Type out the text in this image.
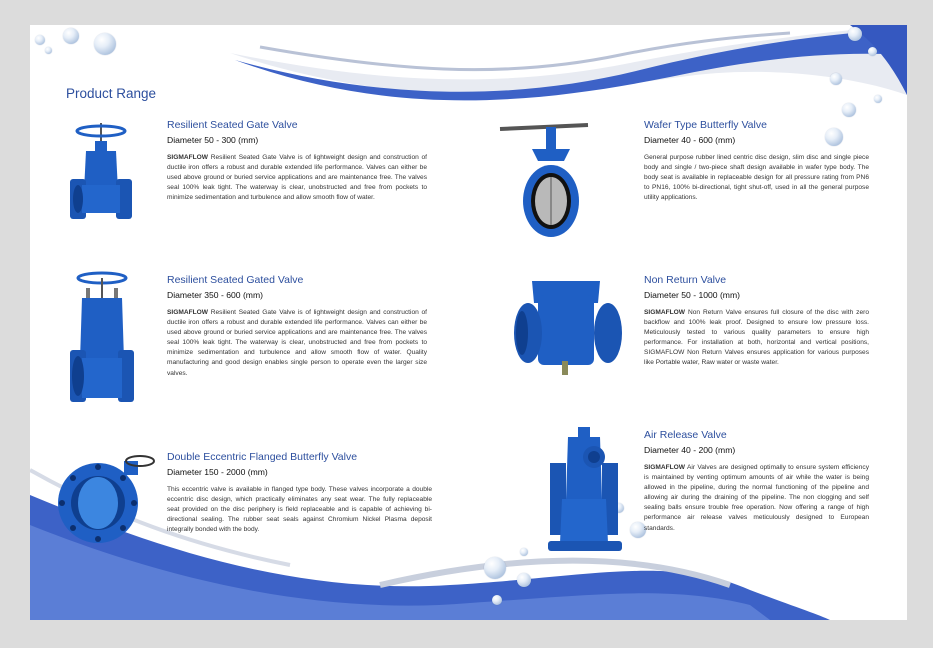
Product Range
Resilient Seated Gate Valve

Diameter 50 - 300 (mm)

SIGMAFLOW Resilient Seated Gate Valve is of lightweight design and construction of ductile iron offers a robust and durable extended life performance. Valves can either be used above ground or buried service applications and are maintenance free. The valves seal 100% leak tight. The waterway is clear, unobstructed and free from pockets to minimize sedimentation and turbulence and allow smooth flow of water.

Resilient Seated Gated Valve

Diameter 350 - 600 (mm)

SIGMAFLOW Resilient Seated Gate Valve is of lightweight design and construction of ductile iron offers a robust and durable extended life performance. Valves can either be used above ground or buried service applications and are maintenance free. The valves seal 100% leak tight. The waterway is clear, unobstructed and free from pockets to minimize sedimentation and turbulence and allow smooth flow of water. Quality manufacturing and good design enables single person to operate even the larger size valves.

Double Eccentric Flanged Butterfly Valve

Diameter 150 - 2000 (mm)

This eccentric valve is available in flanged type body. These valves incorporate a double eccentric disc design, which practically eliminates any seat wear. The fully replaceable seat provided on the disc periphery is field replaceable and is capable of achieving bi-directional sealing. The rubber seat seals against Chromium Nickel Plasma deposit integrally bonded with the body.

Wafer Type Butterfly Valve

Diameter 40 - 600 (mm)

General purpose rubber lined centric disc design, slim disc and single piece body and single / two-piece shaft design available in wafer type body. The body seat is available in replaceable design for all pressure rating from PN6 to PN16, 100% bi-directional, tight shut-off, used in all the general purpose utility applications.

Non Return Valve

Diameter 50 - 1000 (mm)

SIGMAFLOW Non Return Valve ensures full closure of the disc with zero backflow and 100% leak proof. Designed to ensure low pressure loss. Meticulously tested to various quality parameters to ensure high performance. For installation at both, horizontal and vertical positions, SIGMAFLOW Non Return Valves ensures application for various purposes like Portable water, Raw water or waste water.

Air Release Valve

Diameter 40 - 200 (mm)

SIGMAFLOW Air Valves are designed optimally to ensure system efficiency is maintained by venting optimum amounts of air while the water is being allowed in the pipeline, during the normal functioning of the pipeline and allowing air during the draining of the pipeline. The non clogging and self sealing balls ensure trouble free operation. Now offering a range of high performance air release valves meticulously designed to European standards.
